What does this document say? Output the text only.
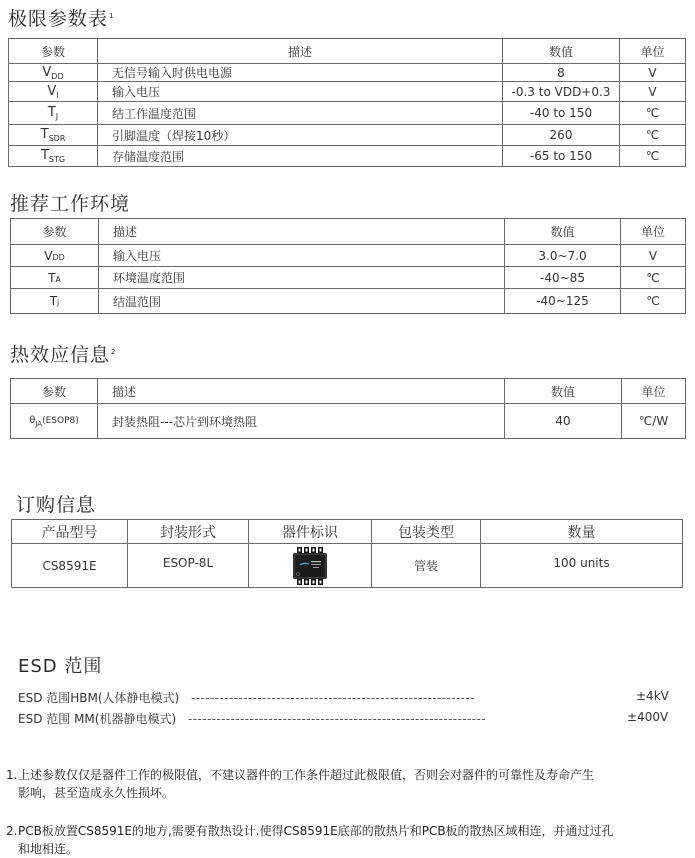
极限参数表$^1$
参数	描述	数值	单位
$V_{DD}$	无信号输入时供电电源	8	V
$V_I$	输入电压	-0.3 to VDD+0.3	V
$T_J$	结工作温度范围	-40 to 150	℃
$T_{SDR}$	引脚温度（焊接10秒）	260	℃
$T_{STG}$	存储温度范围	-65 to 150	℃
推荐工作环境
参数	描述	数值	单位
VDD	输入电压	3.0~7.0	V
TA	环境温度范围	-40~85	℃
Tj	结温范围	-40~125	℃
热效应信息$^2$
参数	描述	数值	单位
$\theta_{JA}(ESOP8)$	封装热阻---芯片到环境热阻	40	℃/W
订购信息
产品型号	封装形式	器件标识	包装类型	数量
CS8591E	ESOP-8L		管装	100 units
ESD 范围
ESD 范围HBM(人体静电模式) ------------------------------------------------------------	±4kV
ESD 范围 MM(机器静电模式) ---------------------------------------------------------------	±400V
1.上述参数仅仅是器件工作的极限值，不建议器件的工作条件超过此极限值，否则会对器件的可靠性及寿命产生
影响，甚至造成永久性损坏。
2.PCB板放置CS8591E的地方,需要有散热设计.使得CS8591E底部的散热片和PCB板的散热区域相连，并通过过孔
和地相连。
